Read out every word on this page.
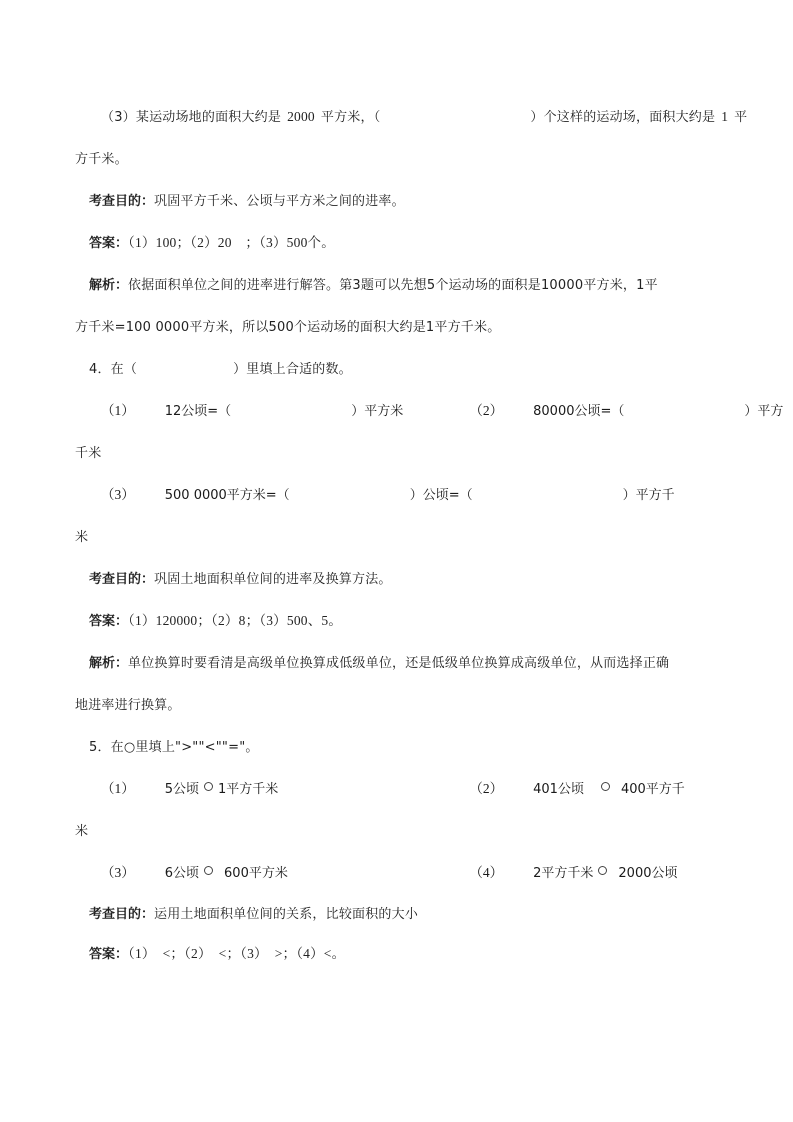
（3）某运动场地的面积大约是 2000 平方米，（	）个这样的运动场，面积大约是 1 平
方千米。
考查目的：巩固平方千米、公顷与平方米之间的进率。
答案：（1）100；（2）20　；（3）500个。
解析：依据面积单位之间的进率进行解答。第3题可以先想5个运动场的面积是10000平方米，1平
方千米=100 0000平方米，所以500个运动场的面积大约是1平方千米。
4．在（	）里填上合适的数。
（1） 12公顷=（	）平方米	（2） 80000公顷=（	）平方
千米
（3） 500 0000平方米=（	）公顷=（	）平方千
米
考查目的：巩固土地面积单位间的进率及换算方法。
答案：（1）120000；（2）8；（3）500、5。
解析：单位换算时要看清是高级单位换算成低级单位，还是低级单位换算成高级单位，从而选择正确
地进率进行换算。
5．在○里填上">""<""="。
（1） 5公顷 1平方千米	（2） 401公顷	400平方千
米
（3） 6公顷 600平方米	（4） 2平方千米 2000公顷
考查目的：运用土地面积单位间的关系，比较面积的大小
答案：（1）　<；（2）　<；（3）　>；（4）<。
